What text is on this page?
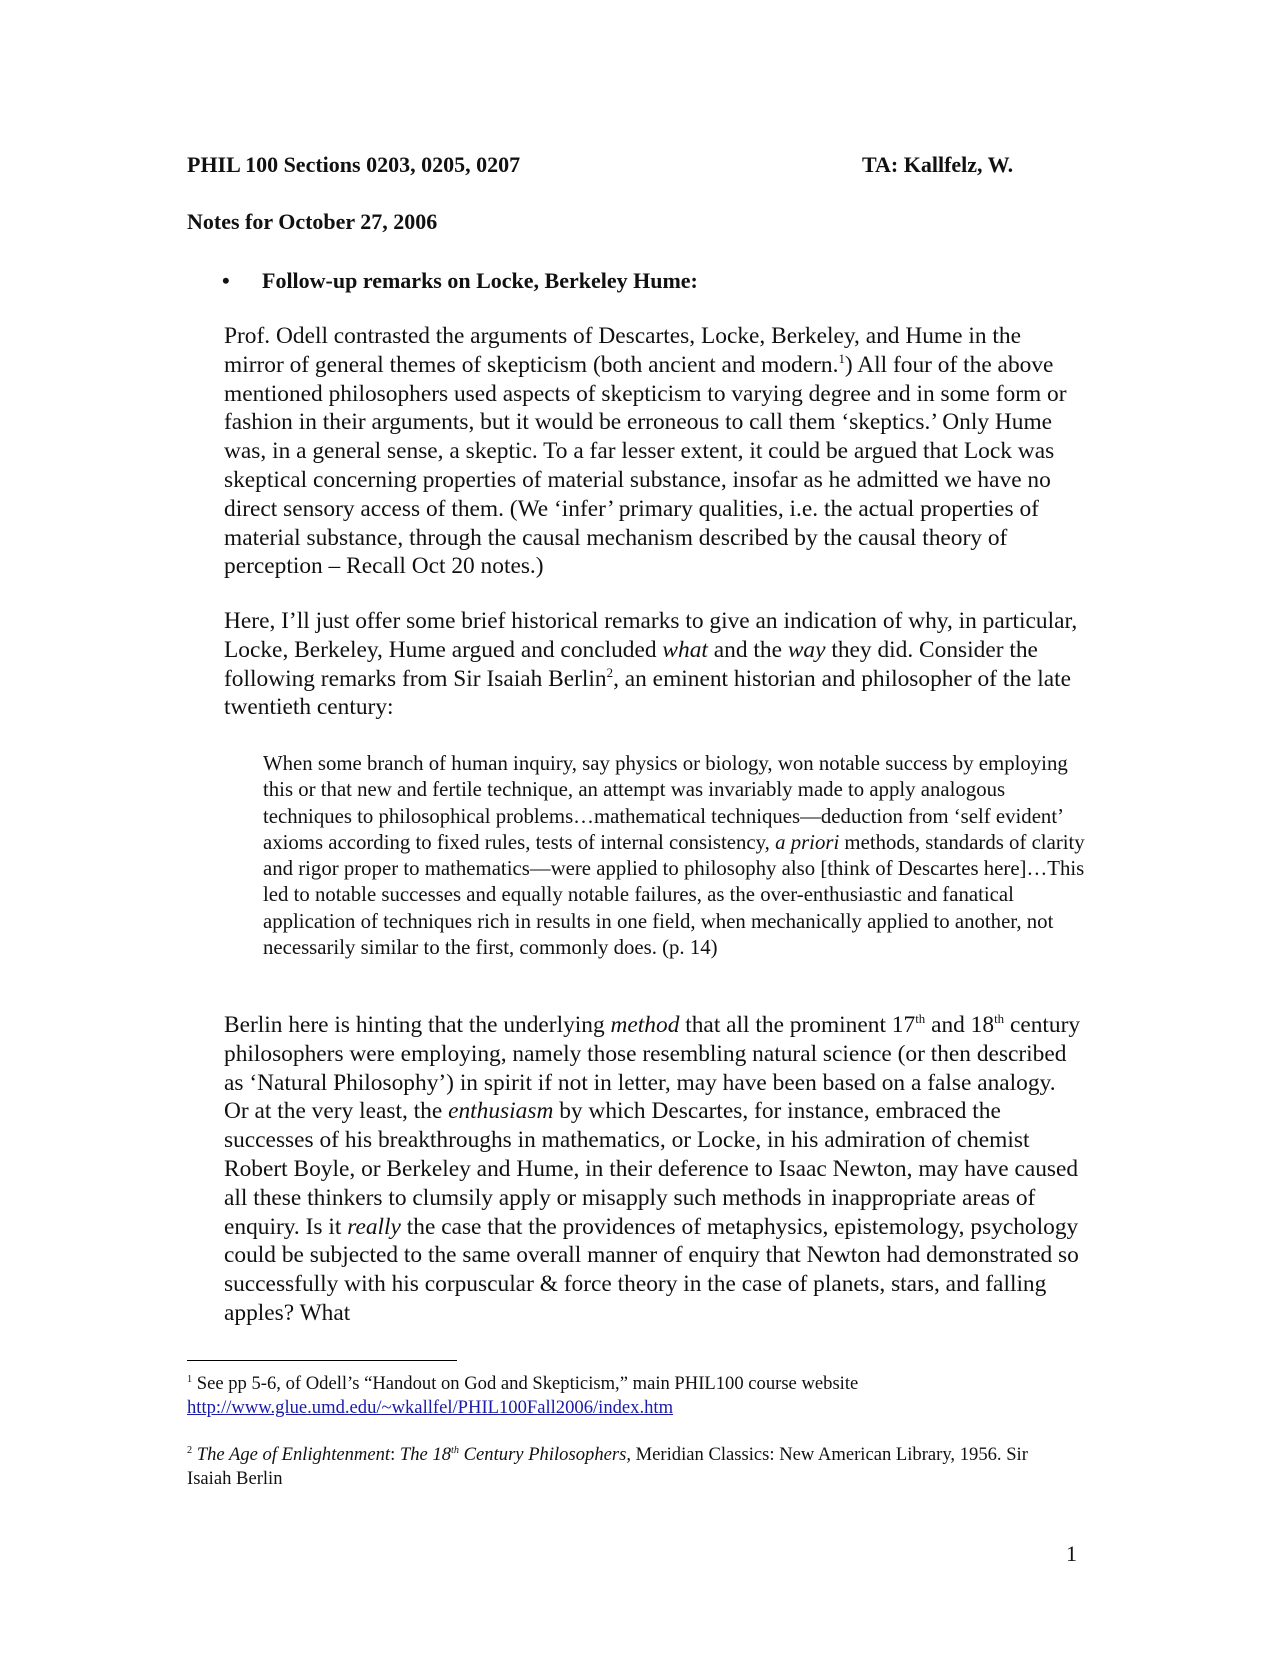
PHIL 100 Sections 0203, 0205, 0207	TA: Kallfelz, W.
Notes for October 27, 2006
• Follow-up remarks on Locke, Berkeley Hume:

Prof. Odell contrasted the arguments of Descartes, Locke, Berkeley, and Hume in the mirror of general themes of skepticism (both ancient and modern.$^1$) All four of the above mentioned philosophers used aspects of skepticism to varying degree and in some form or fashion in their arguments, but it would be erroneous to call them ‘skeptics.’ Only Hume was, in a general sense, a skeptic. To a far lesser extent, it could be argued that Lock was skeptical concerning properties of material substance, insofar as he admitted we have no direct sensory access of them. (We ‘infer’ primary qualities, i.e. the actual properties of material substance, through the causal mechanism described by the causal theory of perception – Recall Oct 20 notes.)

Here, I’ll just offer some brief historical remarks to give an indication of why, in particular, Locke, Berkeley, Hume argued and concluded what and the way they did. Consider the following remarks from Sir Isaiah Berlin$^2$, an eminent historian and philosopher of the late twentieth century:

When some branch of human inquiry, say physics or biology, won notable success by employing this or that new and fertile technique, an attempt was invariably made to apply analogous techniques to philosophical problems…mathematical techniques—deduction from ‘self evident’ axioms according to fixed rules, tests of internal consistency, a priori methods, standards of clarity and rigor proper to mathematics—were applied to philosophy also [think of Descartes here]…This led to notable successes and equally notable failures, as the over-enthusiastic and fanatical application of techniques rich in results in one field, when mechanically applied to another, not necessarily similar to the first, commonly does. (p. 14)

Berlin here is hinting that the underlying method that all the prominent 17th and 18th century philosophers were employing, namely those resembling natural science (or then described as ‘Natural Philosophy’) in spirit if not in letter, may have been based on a false analogy. Or at the very least, the enthusiasm by which Descartes, for instance, embraced the successes of his breakthroughs in mathematics, or Locke, in his admiration of chemist Robert Boyle, or Berkeley and Hume, in their deference to Isaac Newton, may have caused all these thinkers to clumsily apply or misapply such methods in inappropriate areas of enquiry. Is it really the case that the providences of metaphysics, epistemology, psychology could be subjected to the same overall manner of enquiry that Newton had demonstrated so successfully with his corpuscular & force theory in the case of planets, stars, and falling apples? What

$^1$ See pp 5-6, of Odell’s “Handout on God and Skepticism,” main PHIL100 course website
http://www.glue.umd.edu/~wkallfel/PHIL100Fall2006/index.htm

$^2$ The Age of Enlightenment: The 18th Century Philosophers, Meridian Classics: New American Library, 1956. Sir Isaiah Berlin

1
